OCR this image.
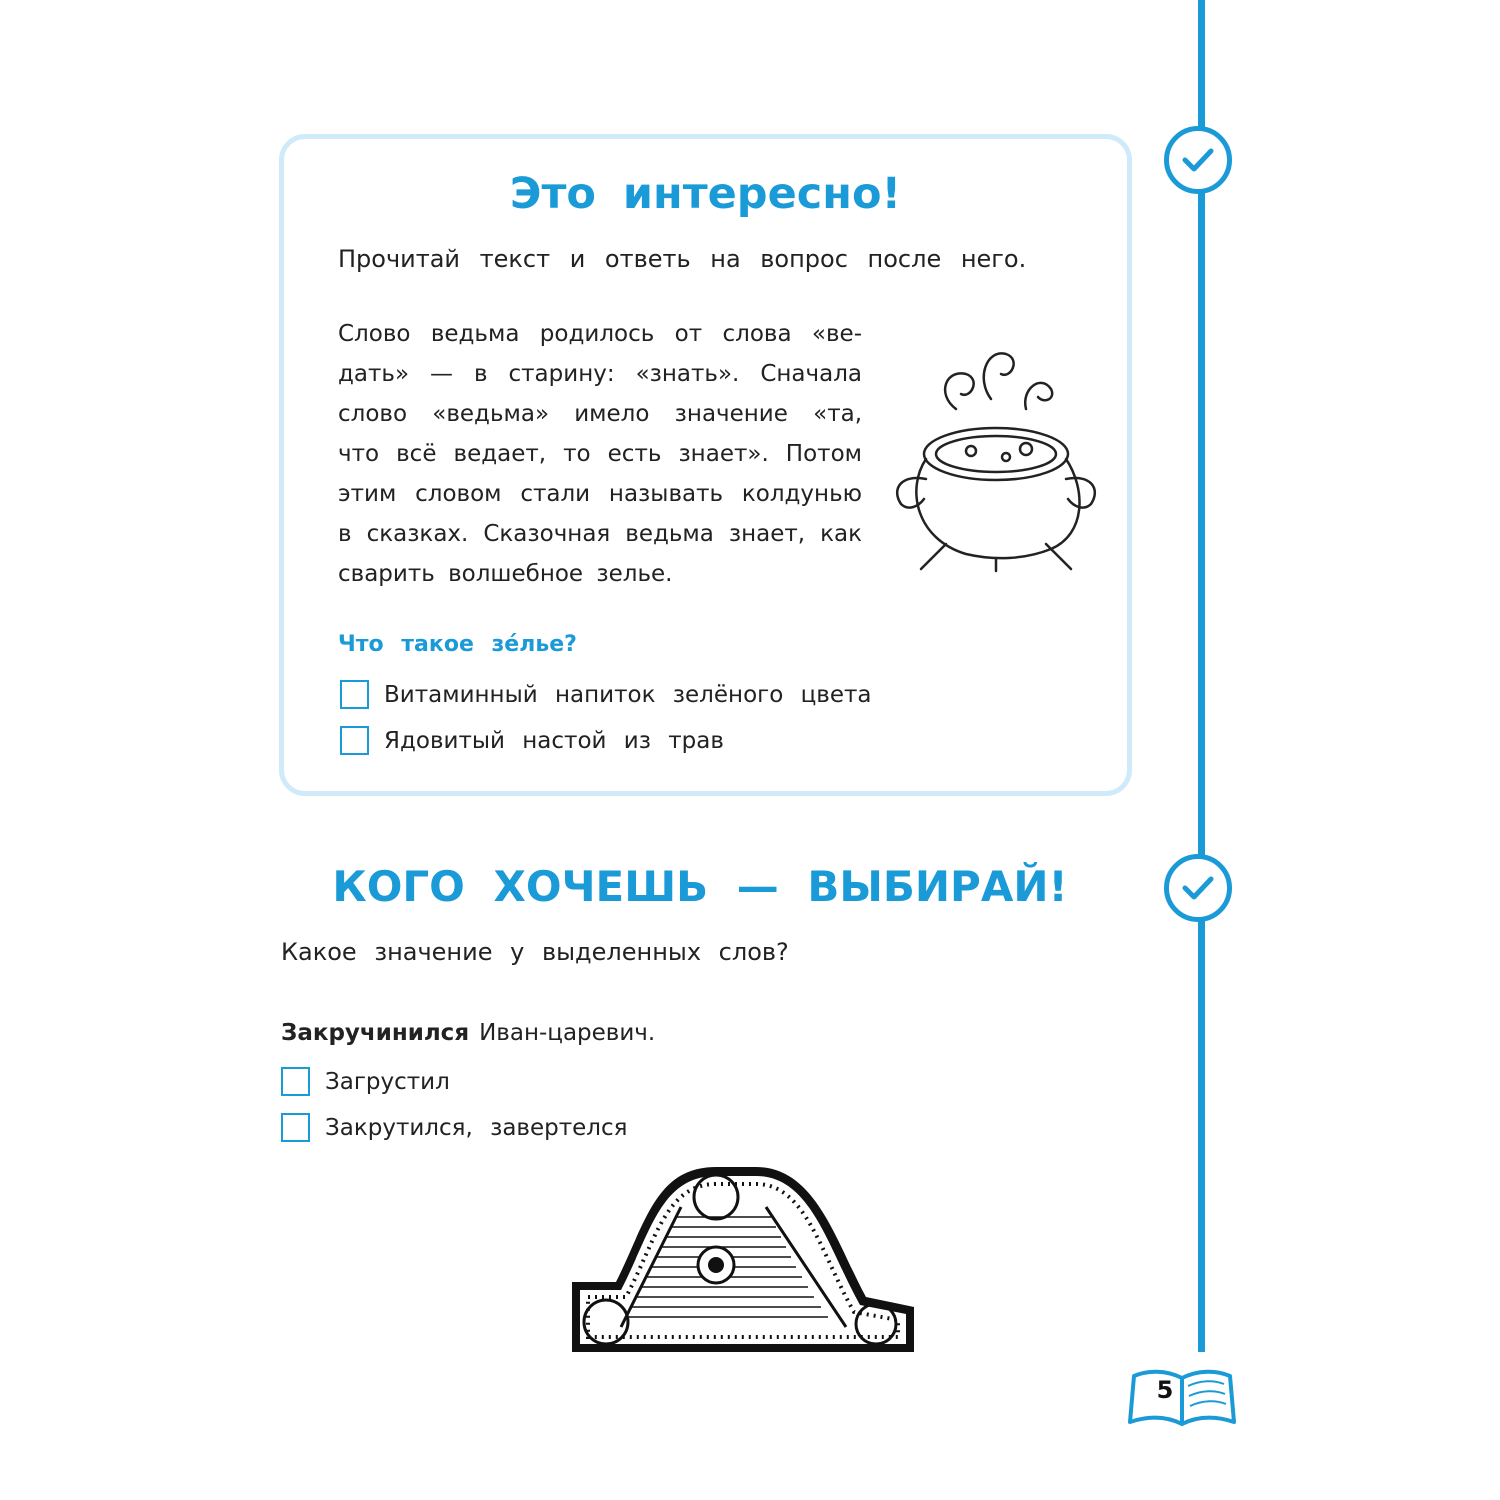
Это интересно!
Прочитай текст и ответь на вопрос после него.
Слово ведьма родилось от слова «ве-дать» — в старину: «знать». Сначала слово «ведьма» имело значение «та, что всё ведает, то есть знает». Потом этим словом стали называть колдунью в сказках. Сказочная ведьма знает, как сварить волшебное зелье.
Что такое зе́лье?
Витаминный напиток зелёного цвета
Ядовитый настой из трав
КОГО ХОЧЕШЬ — ВЫБИРАЙ!
Какое значение у выделенных слов?
Закручинился Иван-царевич.
Загрустил
Закрутился, завертелся
5
